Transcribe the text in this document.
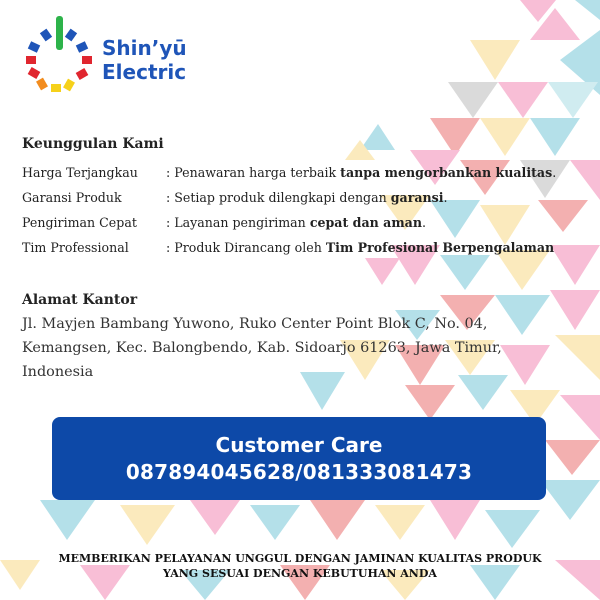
Shin’yū
Electric
Keunggulan Kami
Harga Terjangkau	: Penawaran harga terbaik tanpa mengorbankan kualitas.
Garansi Produk	: Setiap produk dilengkapi dengan garansi.
Pengiriman Cepat	: Layanan pengiriman cepat dan aman.
Tim Professional	: Produk Dirancang oleh Tim Profesional Berpengalaman
Alamat Kantor
Jl. Mayjen Bambang Yuwono, Ruko Center Point Blok C, No. 04,
Kemangsen, Kec. Balongbendo, Kab. Sidoarjo 61263, Jawa Timur,
Indonesia
Customer Care
087894045628/081333081473
MEMBERIKAN PELAYANAN UNGGUL DENGAN JAMINAN KUALITAS PRODUK
YANG SESUAI DENGAN KEBUTUHAN ANDA
